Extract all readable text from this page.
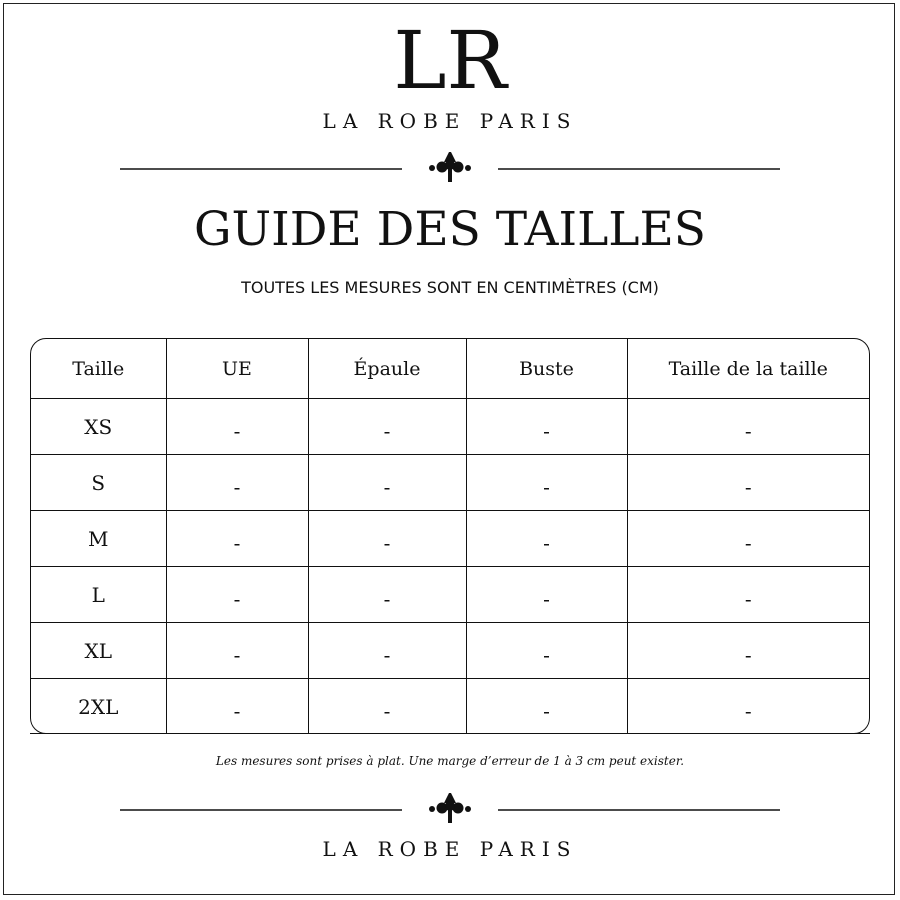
LR
LA ROBE PARIS
GUIDE DES TAILLES
TOUTES LES MESURES SONT EN CENTIMÈTRES (CM)
Taille	UE	Épaule	Buste	Taille de la taille
XS	-	-	-	-
S	-	-	-	-
M	-	-	-	-
L	-	-	-	-
XL	-	-	-	-
2XL	-	-	-	-

Les mesures sont prises à plat. Une marge d’erreur de 1 à 3 cm peut exister.
LA ROBE PARIS
